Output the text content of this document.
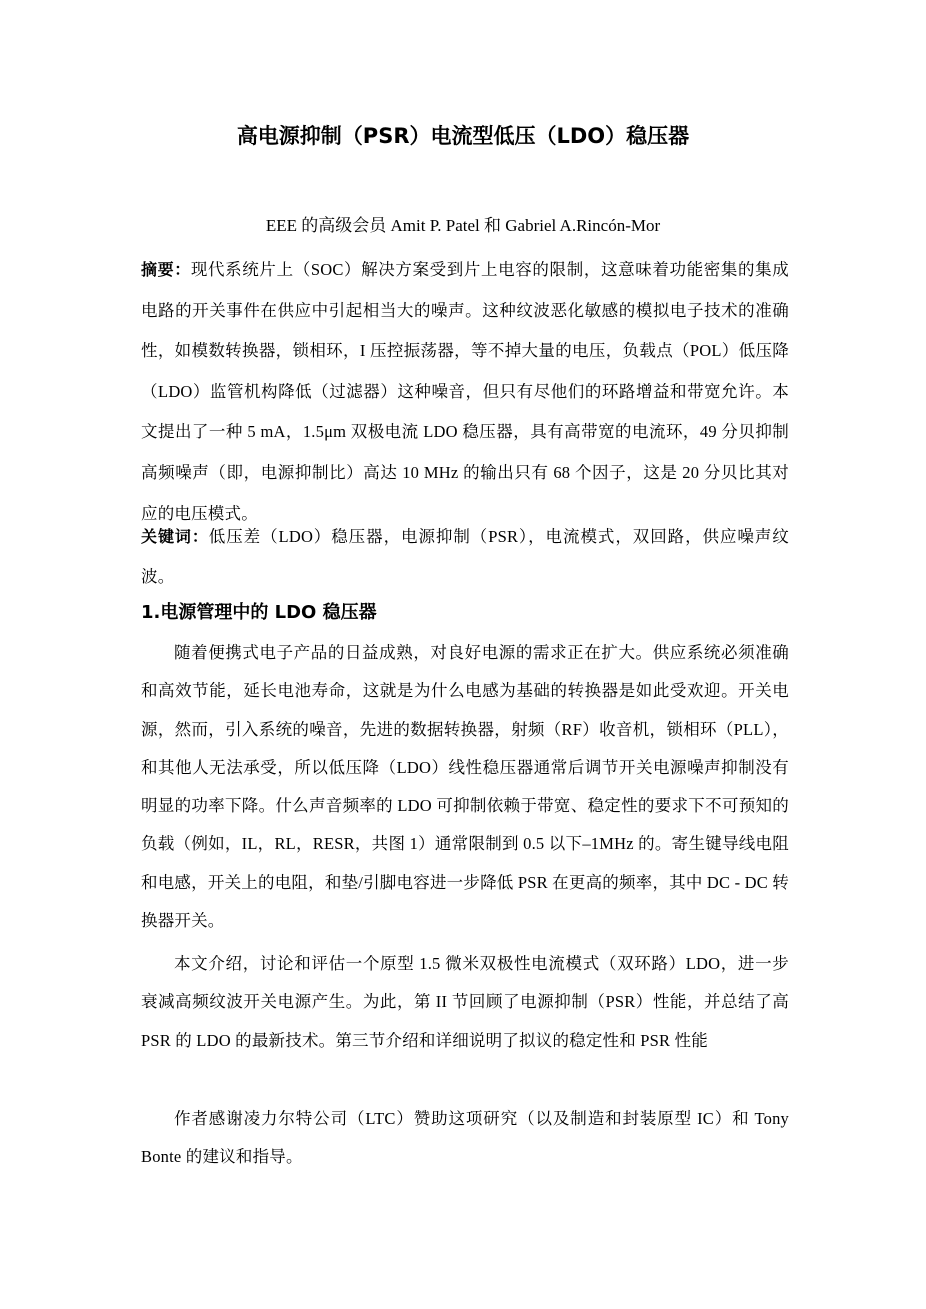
高电源抑制（PSR）电流型低压（LDO）稳压器
EEE 的高级会员 Amit P. Patel 和 Gabriel A.Rincón-Mor
摘要：现代系统片上（SOC）解决方案受到片上电容的限制，这意味着功能密集的集成电路的开关事件在供应中引起相当大的噪声。这种纹波恶化敏感的模拟电子技术的准确性，如模数转换器，锁相环，I 压控振荡器，等不掉大量的电压，负载点（POL）低压降（LDO）监管机构降低（过滤器）这种噪音，但只有尽他们的环路增益和带宽允许。本文提出了一种 5 mA，1.5μm 双极电流 LDO 稳压器，具有高带宽的电流环，49 分贝抑制高频噪声（即，电源抑制比）高达 10 MHz 的输出只有 68 个因子，这是 20 分贝比其对应的电压模式。
关键词：低压差（LDO）稳压器，电源抑制（PSR），电流模式，双回路，供应噪声纹波。
1.电源管理中的 LDO 稳压器
随着便携式电子产品的日益成熟，对良好电源的需求正在扩大。供应系统必须准确和高效节能，延长电池寿命，这就是为什么电感为基础的转换器是如此受欢迎。开关电源，然而，引入系统的噪音，先进的数据转换器，射频（RF）收音机，锁相环（PLL），和其他人无法承受，所以低压降（LDO）线性稳压器通常后调节开关电源噪声抑制没有明显的功率下降。什么声音频率的 LDO 可抑制依赖于带宽、稳定性的要求下不可预知的负载（例如，IL，RL，RESR，共图 1）通常限制到 0.5 以下–1MHz 的。寄生键导线电阻和电感，开关上的电阻，和垫/引脚电容进一步降低 PSR 在更高的频率，其中 DC - DC 转换器开关。
本文介绍，讨论和评估一个原型 1.5 微米双极性电流模式（双环路）LDO，进一步衰减高频纹波开关电源产生。为此，第 II 节回顾了电源抑制（PSR）性能，并总结了高 PSR 的 LDO 的最新技术。第三节介绍和详细说明了拟议的稳定性和 PSR 性能
作者感谢凌力尔特公司（LTC）赞助这项研究（以及制造和封装原型 IC）和 Tony Bonte 的建议和指导。
